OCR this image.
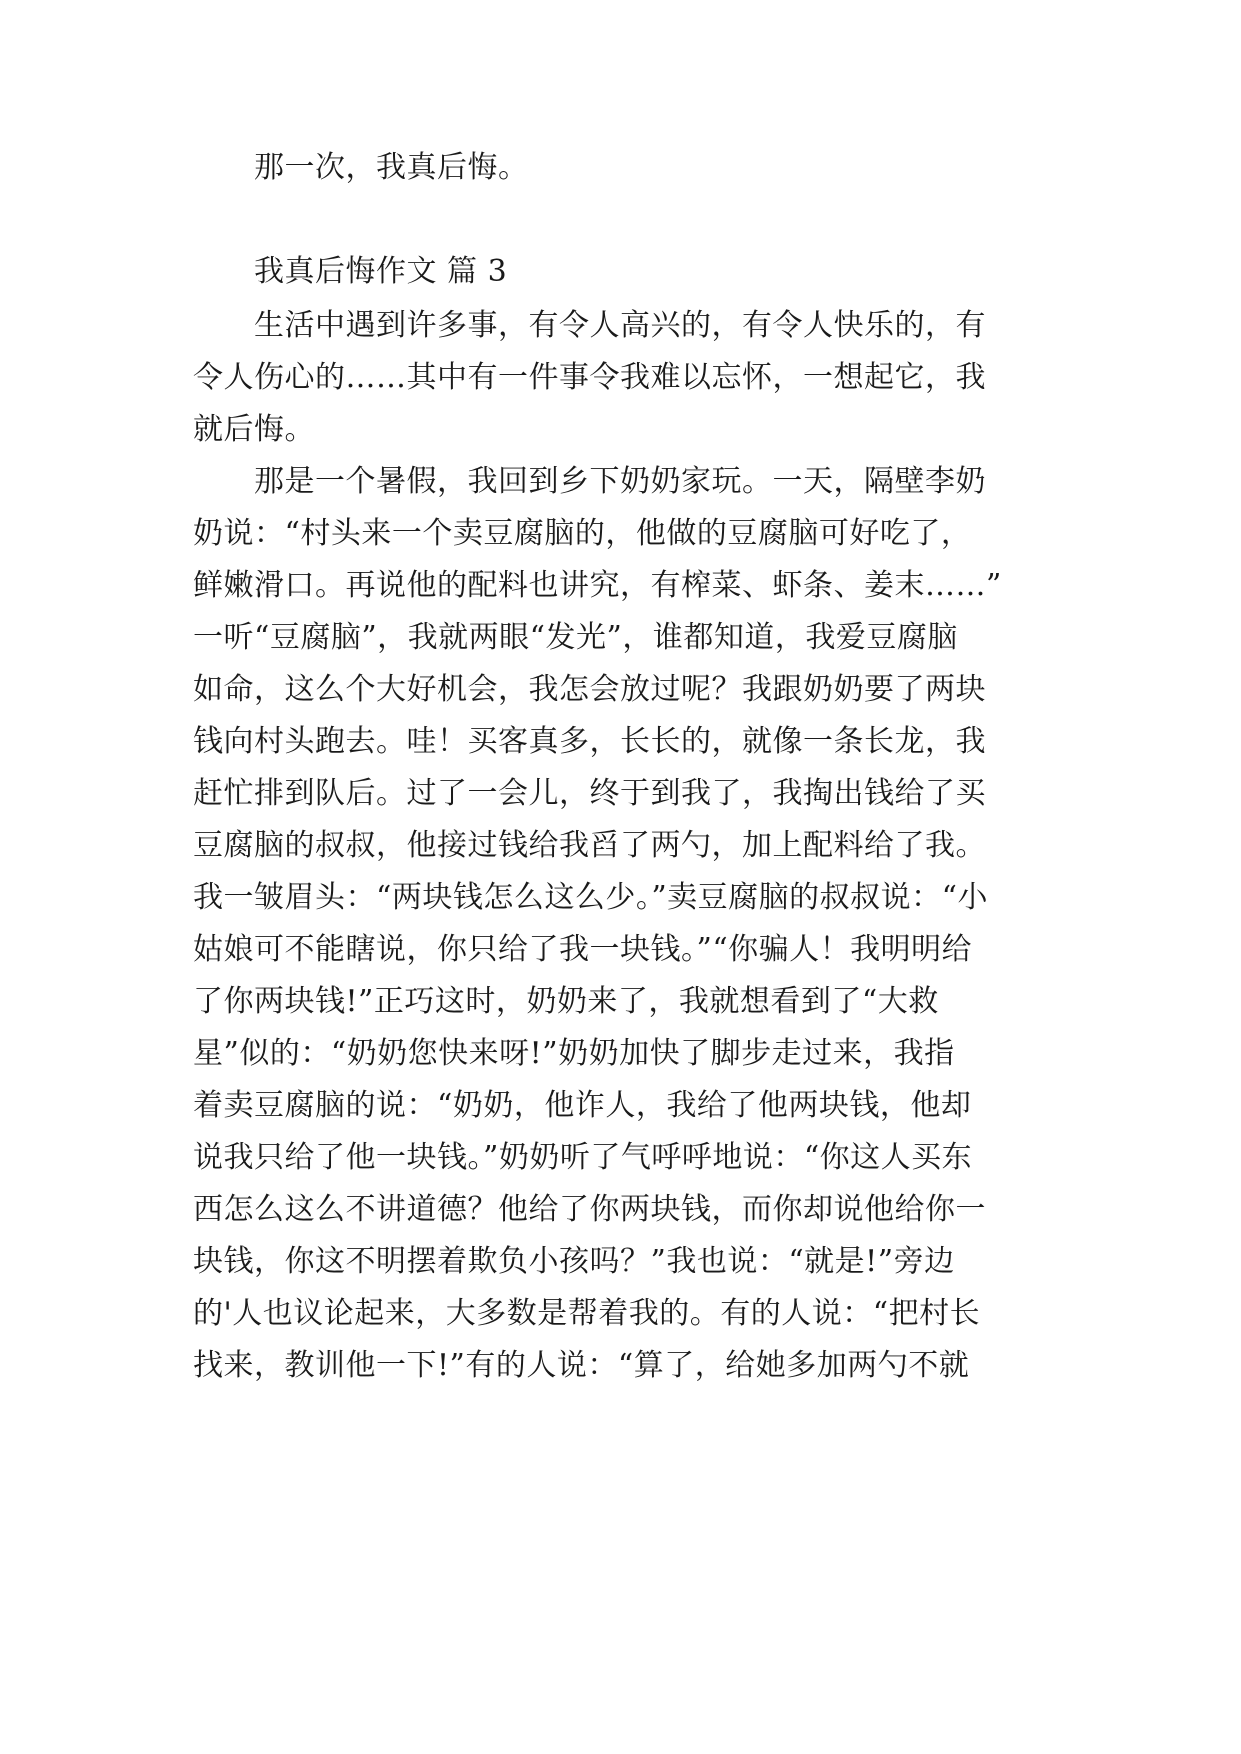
那一次，我真后悔。
我真后悔作文 篇 3
生活中遇到许多事，有令人高兴的，有令人快乐的，有
令人伤心的……其中有一件事令我难以忘怀，一想起它，我
就后悔。
那是一个暑假，我回到乡下奶奶家玩。一天，隔壁李奶
奶说：“村头来一个卖豆腐脑的，他做的豆腐脑可好吃了，
鲜嫩滑口。再说他的配料也讲究，有榨菜、虾条、姜末……”
一听“豆腐脑”，我就两眼“发光”，谁都知道，我爱豆腐脑
如命，这么个大好机会，我怎会放过呢？我跟奶奶要了两块
钱向村头跑去。哇！买客真多，长长的，就像一条长龙，我
赶忙排到队后。过了一会儿，终于到我了，我掏出钱给了买
豆腐脑的叔叔，他接过钱给我舀了两勺，加上配料给了我。
我一皱眉头：“两块钱怎么这么少。”卖豆腐脑的叔叔说：“小
姑娘可不能瞎说，你只给了我一块钱。”“你骗人！我明明给
了你两块钱!”正巧这时，奶奶来了，我就想看到了“大救
星”似的：“奶奶您快来呀!”奶奶加快了脚步走过来，我指
着卖豆腐脑的说：“奶奶，他诈人，我给了他两块钱，他却
说我只给了他一块钱。”奶奶听了气呼呼地说：“你这人买东
西怎么这么不讲道德？他给了你两块钱，而你却说他给你一
块钱，你这不明摆着欺负小孩吗？”我也说：“就是!”旁边
的'人也议论起来，大多数是帮着我的。有的人说：“把村长
找来，教训他一下!”有的人说：“算了，给她多加两勺不就
